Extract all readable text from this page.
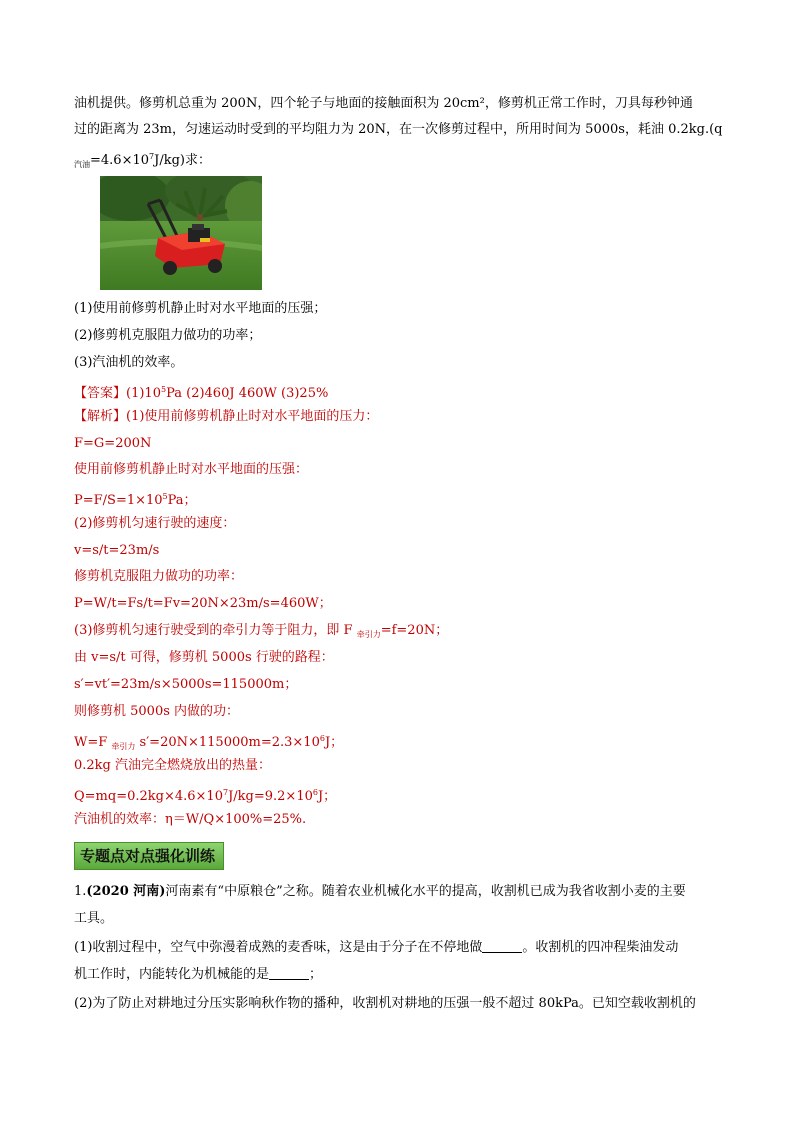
油机提供。修剪机总重为 200N，四个轮子与地面的接触面积为 20cm²，修剪机正常工作时，刀具每秒钟通
过的距离为 23m，匀速运动时受到的平均阻力为 20N，在一次修剪过程中，所用时间为 5000s，耗油 0.2kg.(q
$_{汽油}=4.6\times 10^7J/kg$)求：
(1)使用前修剪机静止时对水平地面的压强；
(2)修剪机克服阻力做功的功率；
(3)汽油机的效率。
【答案】$(1)10^5Pa$ (2)460J 460W (3)25%
【解析】(1)使用前修剪机静止时对水平地面的压力：
F=G=200N
使用前修剪机静止时对水平地面的压强：
$P=F/S=1\times 10^5Pa$；
(2)修剪机匀速行驶的速度：
v=s/t=23m/s
修剪机克服阻力做功的功率：
P=W/t=Fs/t=Fv=20N×23m/s=460W；
(3)修剪机匀速行驶受到的牵引力等于阻力，即 F $_{牵引力}$=f=20N；
由 v=s/t 可得，修剪机 5000s 行驶的路程：
s′=vt′=23m/s×5000s=115000m；
则修剪机 5000s 内做的功：
W=F $_{牵引力}$ $s'=20N\times 115000m=2.3\times 10^6J$；
0.2kg 汽油完全燃烧放出的热量：
$Q=mq=0.2kg\times 4.6\times 10^7J/kg=9.2\times 10^6J$；
汽油机的效率：η＝W/Q×100%=25%.
专题点对点强化训练
1.(2020 河南)河南素有“中原粮仓”之称。随着农业机械化水平的提高，收割机已成为我省收割小麦的主要
工具。
(1)收割过程中，空气中弥漫着成熟的麦香味，这是由于分子在不停地做	。收割机的四冲程柴油发动
机工作时，内能转化为机械能的是	；
(2)为了防止对耕地过分压实影响秋作物的播种，收割机对耕地的压强一般不超过 80kPa。已知空载收割机的
